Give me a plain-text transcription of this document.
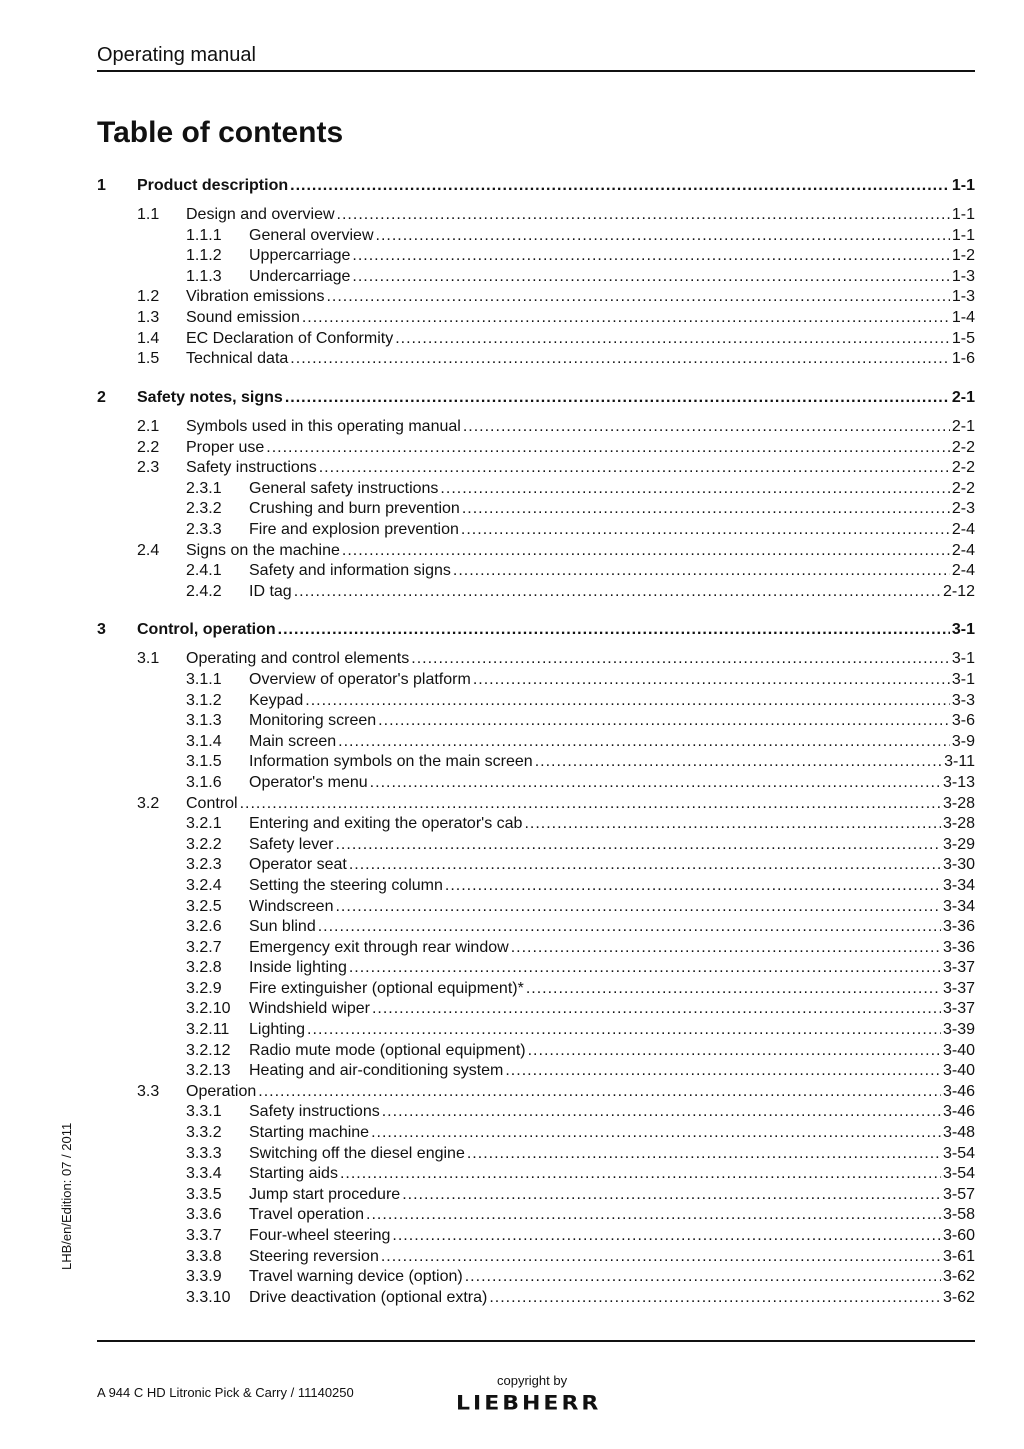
Operating manual
Table of contents
1	Product description .....	1-1
1.1	Design and overview .....	1-1
1.1.1	General overview .....	1-1
1.1.2	Uppercarriage .....	1-2
1.1.3	Undercarriage .....	1-3
1.2	Vibration emissions .....	1-3
1.3	Sound emission .....	1-4
1.4	EC Declaration of Conformity .....	1-5
1.5	Technical data .....	1-6
2	Safety notes, signs .....	2-1
2.1	Symbols used in this operating manual .....	2-1
2.2	Proper use .....	2-2
2.3	Safety instructions .....	2-2
2.3.1	General safety instructions .....	2-2
2.3.2	Crushing and burn prevention .....	2-3
2.3.3	Fire and explosion prevention .....	2-4
2.4	Signs on the machine .....	2-4
2.4.1	Safety and information signs .....	2-4
2.4.2	ID tag .....	2-12
3	Control, operation .....	3-1
3.1	Operating and control elements .....	3-1
3.1.1	Overview of operator's platform .....	3-1
3.1.2	Keypad .....	3-3
3.1.3	Monitoring screen .....	3-6
3.1.4	Main screen .....	3-9
3.1.5	Information symbols on the main screen .....	3-11
3.1.6	Operator's menu .....	3-13
3.2	Control .....	3-28
3.2.1	Entering and exiting the operator's cab .....	3-28
3.2.2	Safety lever .....	3-29
3.2.3	Operator seat .....	3-30
3.2.4	Setting the steering column .....	3-34
3.2.5	Windscreen .....	3-34
3.2.6	Sun blind .....	3-36
3.2.7	Emergency exit through rear window .....	3-36
3.2.8	Inside lighting .....	3-37
3.2.9	Fire extinguisher (optional equipment)* .....	3-37
3.2.10	Windshield wiper .....	3-37
3.2.11	Lighting .....	3-39
3.2.12	Radio mute mode (optional equipment) .....	3-40
3.2.13	Heating and air-conditioning system .....	3-40
3.3	Operation .....	3-46
3.3.1	Safety instructions .....	3-46
3.3.2	Starting machine .....	3-48
3.3.3	Switching off the diesel engine .....	3-54
3.3.4	Starting aids .....	3-54
3.3.5	Jump start procedure .....	3-57
3.3.6	Travel operation .....	3-58
3.3.7	Four-wheel steering .....	3-60
3.3.8	Steering reversion .....	3-61
3.3.9	Travel warning device (option) .....	3-62
3.3.10	Drive deactivation (optional extra) .....	3-62
LHB/en/Edition: 07 / 2011
A 944 C HD Litronic Pick & Carry / 11140250
copyright by
LIEBHERR
